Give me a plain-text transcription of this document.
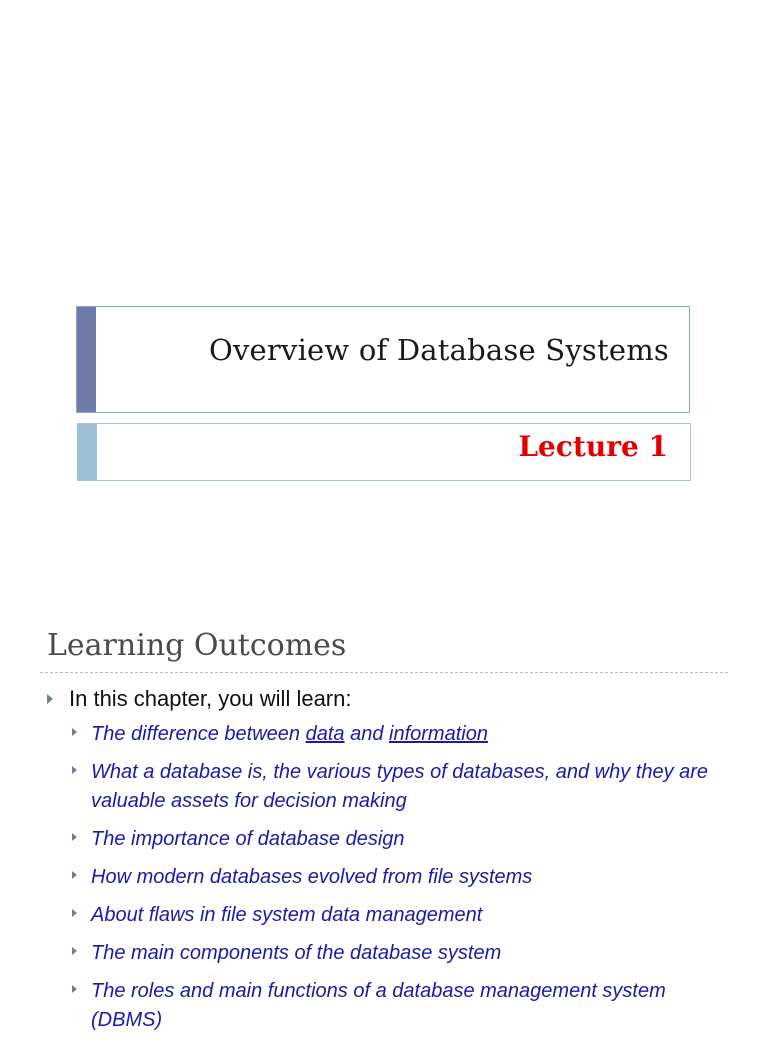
Overview of Database Systems
Lecture 1
Learning Outcomes
In this chapter, you will learn:
The difference between data and information
What a database is, the various types of databases, and why they are valuable assets for decision making
The importance of database design
How modern databases evolved from file systems
About flaws in file system data management
The main components of the database system
The roles and main functions of a database management system (DBMS)
